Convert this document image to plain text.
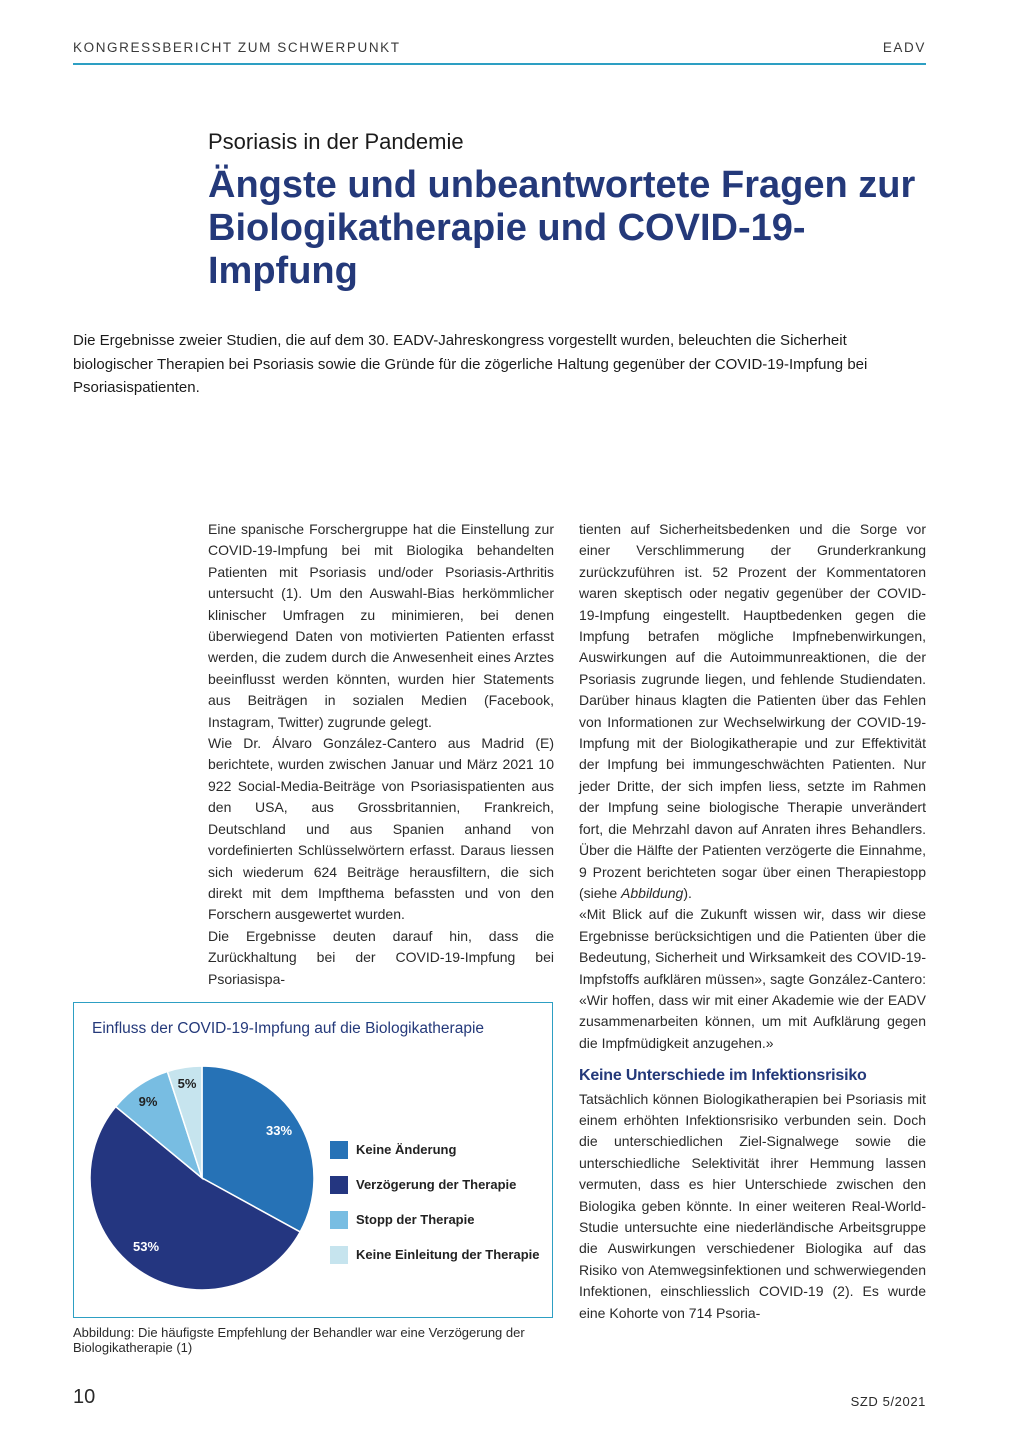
KONGRESSBERICHT ZUM SCHWERPUNKT	EADV
Psoriasis in der Pandemie
Ängste und unbeantwortete Fragen zur Biologikatherapie und COVID-19-Impfung
Die Ergebnisse zweier Studien, die auf dem 30. EADV-Jahreskongress vorgestellt wurden, beleuchten die Sicherheit biologischer Therapien bei Psoriasis sowie die Gründe für die zögerliche Haltung gegenüber der COVID-19-Impfung bei Psoriasispatienten.

Eine spanische Forschergruppe hat die Einstellung zur COVID-19-Impfung bei mit Biologika behandelten Patienten mit Psoriasis und/oder Psoriasis-Arthritis untersucht (1). Um den Auswahl-Bias herkömmlicher klinischer Umfragen zu minimieren, bei denen überwiegend Daten von motivierten Patienten erfasst werden, die zudem durch die Anwesenheit eines Arztes beeinflusst werden könnten, wurden hier Statements aus Beiträgen in sozialen Medien (Facebook, Instagram, Twitter) zugrunde gelegt.

Wie Dr. Álvaro González-Cantero aus Madrid (E) berichtete, wurden zwischen Januar und März 2021 10 922 Social-Media-Beiträge von Psoriasispatienten aus den USA, aus Grossbritannien, Frankreich, Deutschland und aus Spanien anhand von vordefinierten Schlüsselwörtern erfasst. Daraus liessen sich wiederum 624 Beiträge herausfiltern, die sich direkt mit dem Impfthema befassten und von den Forschern ausgewertet wurden.

Die Ergebnisse deuten darauf hin, dass die Zurückhaltung bei der COVID-19-Impfung bei Psoriasispa-

tienten auf Sicherheitsbedenken und die Sorge vor einer Verschlimmerung der Grunderkrankung zurückzuführen ist. 52 Prozent der Kommentatoren waren skeptisch oder negativ gegenüber der COVID-19-Impfung eingestellt. Hauptbedenken gegen die Impfung betrafen mögliche Impfnebenwirkungen, Auswirkungen auf die Autoimmunreaktionen, die der Psoriasis zugrunde liegen, und fehlende Studiendaten. Darüber hinaus klagten die Patienten über das Fehlen von Informationen zur Wechselwirkung der COVID-19-Impfung mit der Biologikatherapie und zur Effektivität der Impfung bei immungeschwächten Patienten. Nur jeder Dritte, der sich impfen liess, setzte im Rahmen der Impfung seine biologische Therapie unverändert fort, die Mehrzahl davon auf Anraten ihres Behandlers. Über die Hälfte der Patienten verzögerte die Einnahme, 9 Prozent berichteten sogar über einen Therapiestopp (siehe Abbildung).

«Mit Blick auf die Zukunft wissen wir, dass wir diese Ergebnisse berücksichtigen und die Patienten über die Bedeutung, Sicherheit und Wirksamkeit des COVID-19-Impfstoffs aufklären müssen», sagte González-Cantero: «Wir hoffen, dass wir mit einer Akademie wie der EADV zusammenarbeiten können, um mit Aufklärung gegen die Impfmüdigkeit anzugehen.»

Keine Unterschiede im Infektionsrisiko

Tatsächlich können Biologikatherapien bei Psoriasis mit einem erhöhten Infektionsrisiko verbunden sein. Doch die unterschiedlichen Ziel-Signalwege sowie die unterschiedliche Selektivität ihrer Hemmung lassen vermuten, dass es hier Unterschiede zwischen den Biologika geben könnte. In einer weiteren Real-World-Studie untersuchte eine niederländische Arbeitsgruppe die Auswirkungen verschiedener Biologika auf das Risiko von Atemwegsinfektionen und schwerwiegenden Infektionen, einschliesslich COVID-19 (2). Es wurde eine Kohorte von 714 Psoria-

Einfluss der COVID-19-Impfung auf die Biologikatherapie
33%
53%
9%
5%
Keine Änderung
Verzögerung der Therapie
Stopp der Therapie
Keine Einleitung der Therapie
Abbildung: Die häufigste Empfehlung der Behandler war eine Verzögerung der Biologikatherapie (1)
10	SZD 5/2021
